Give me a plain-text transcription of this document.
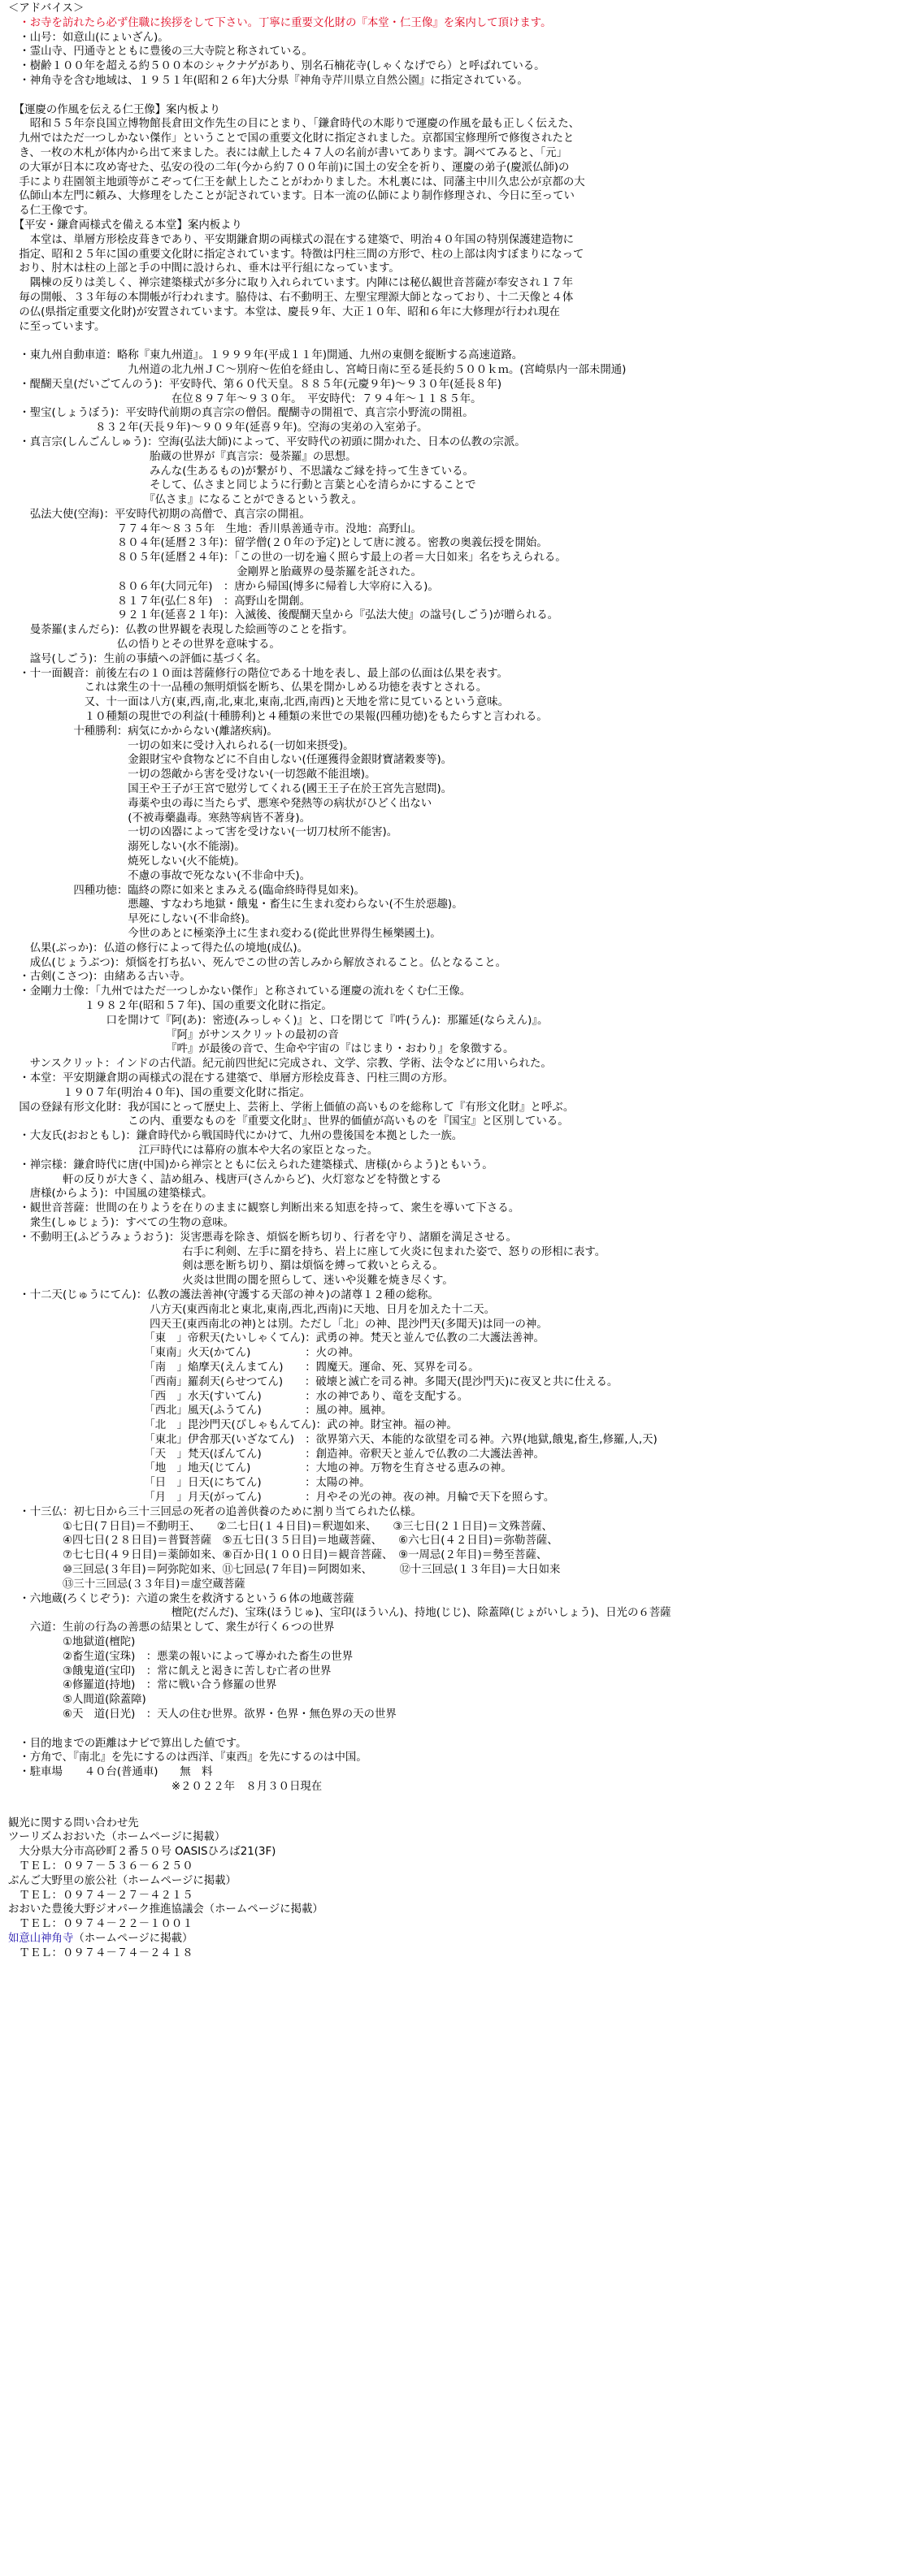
＜アドバイス＞

　・お寺を訪れたら必ず住職に挨拶をして下さい。丁寧に重要文化財の『本堂・仁王像』を案内して頂けます。

　・山号：如意山(にょいざん)。

　・霊山寺、円通寺とともに豊後の三大寺院と称されている。

　・樹齢１００年を超える約５００本のシャクナゲがあり、別名石楠花寺(しゃくなげでら）と呼ばれている。

　・神角寺を含む地域は、１９５１年(昭和２６年)大分県『神角寺芹川県立自然公園』に指定されている。

　【運慶の作風を伝える仁王像】案内板より

　　昭和５５年奈良国立博物館長倉田文作先生の目にとまり、「鎌倉時代の木彫りで運慶の作風を最も正しく伝えた、

　九州ではただ一つしかない傑作」ということで国の重要文化財に指定されました。京都国宝修理所で修復されたと

　き、一枚の木札が体内から出て来ました。表には献上した４７人の名前が書いてあります。調べてみると、「元」

　の大軍が日本に攻め寄せた、弘安の役の二年(今から約７００年前)に国土の安全を祈り、運慶の弟子(慶派仏師)の

　手により荘園領主地頭等がこぞって仁王を献上したことがわかりました。木札裏には、同藩主中川久忠公が京都の大

　仏師山本左門に頼み、大修理をしたことが記されています。日本一流の仏師により制作修理され、今日に至ってい

　る仁王像です。

　【平安・鎌倉両様式を備える本堂】案内板より

　　本堂は、単層方形桧皮葺きであり、平安期鎌倉期の両様式の混在する建築で、明治４０年国の特別保護建造物に

　指定、昭和２５年に国の重要文化財に指定されています。特徴は円柱三間の方形で、柱の上部は肉すぼまりになって

　おり、肘木は柱の上部と手の中間に設けられ、垂木は平行組になっています。

　　隅棟の反りは美しく、禅宗建築様式が多分に取り入れられています。内陣には秘仏観世音菩薩が奉安され１７年

　毎の開帳、３３年毎の本開帳が行われます。脇侍は、右不動明王、左聖宝理源大師となっており、十二天像と４体

　の仏(県指定重要文化財)が安置されています。本堂は、慶長９年、大正１０年、昭和６年に大修理が行われ現在

　に至っています。

　・東九州自動車道：略称『東九州道』。１９９９年(平成１１年)開通、九州の東側を縦断する高速道路。

　　　　　　　　　　　九州道の北九州ＪＣ～別府～佐伯を経由し、宮崎日南に至る延長約５００ｋｍ。(宮崎県内一部未開通)

　・醍醐天皇(だいごてんのう)：平安時代、第６０代天皇。８８５年(元慶９年)～９３０年(延長８年)

　　　　　　　　　　　　　　　在位８９７年～９３０年。　平安時代：７９４年～１１８５年。

　・聖宝(しょうぼう)：平安時代前期の真言宗の僧侶。醍醐寺の開祖で、真言宗小野流の開祖。

　　　　　　　　８３２年(天長９年)～９０９年(延喜９年)。空海の実弟の入室弟子。

　・真言宗(しんごんしゅう)：空海(弘法大師)によって、平安時代の初頭に開かれた、日本の仏教の宗派。

　　　　　　　　　　　　　胎蔵の世界が『真言宗：曼荼羅』の思想。

　　　　　　　　　　　　　みんな(生あるもの)が繋がり、不思議なご縁を持って生きている。

　　　　　　　　　　　　　そして、仏さまと同じように行動と言葉と心を清らかにすることで

　　　　　　　　　　　　　『仏さま』になることができるという教え。

　　弘法大使(空海)：平安時代初期の高僧で、真言宗の開祖。

　　　　　　　　　　７７４年～８３５年　生地：香川県善通寺市。没地：高野山。

　　　　　　　　　　８０４年(延暦２３年)：留学僧(２０年の予定)として唐に渡る。密教の奥義伝授を開始。

　　　　　　　　　　８０５年(延暦２４年)：「この世の一切を遍く照らす最上の者＝大日如来」名をちえられる。

　　　　　　　　　　　　　　　　　　　　　金剛界と胎蔵界の曼荼羅を託された。

　　　　　　　　　　８０６年(大同元年)　：唐から帰国(博多に帰着し大宰府に入る)。

　　　　　　　　　　８１７年(弘仁８年)　：高野山を開創。

　　　　　　　　　　９２１年(延喜２１年)：入滅後、後醍醐天皇から『弘法大使』の諡号(しごう)が贈られる。

　　曼荼羅(まんだら)：仏教の世界観を表現した絵画等のことを指す。

　　　　　　　　　　仏の悟りとその世界を意味する。

　　諡号(しごう)：生前の事績への評価に基づく名。

　・十一面観音：前後左右の１０面は菩薩修行の階位である十地を表し、最上部の仏面は仏果を表す。

　　　　　　　これは衆生の十一品種の無明煩悩を断ち、仏果を開かしめる功徳を表すとされる。

　　　　　　　又、十一面は八方(東,西,南,北,東北,東南,北西,南西)と天地を常に見ているという意味。

　　　　　　　１０種類の現世での利益(十種勝利)と４種類の来世での果報(四種功徳)をもたらすと言われる。

　　　　　　十種勝利：病気にかからない(離諸疾病)。

　　　　　　　　　　　一切の如来に受け入れられる(一切如来摂受)。

　　　　　　　　　　　金銀財宝や食物などに不自由しない(任運獲得金銀財寶諸穀麥等)。

　　　　　　　　　　　一切の怨敵から害を受けない(一切怨敵不能沮壊)。

　　　　　　　　　　　国王や王子が王宮で慰労してくれる(國王王子在於王宮先言慰問)。

　　　　　　　　　　　毒薬や虫の毒に当たらず、悪寒や発熱等の病状がひどく出ない

　　　　　　　　　　　(不被毒藥蟲毒。寒熱等病皆不著身)。

　　　　　　　　　　　一切の凶器によって害を受けない(一切刀杖所不能害)。

　　　　　　　　　　　溺死しない(水不能溺)。

　　　　　　　　　　　焼死しない(火不能焼)。

　　　　　　　　　　　不慮の事故で死なない(不非命中夭)。

　　　　　　四種功徳：臨終の際に如来とまみえる(臨命終時得見如来)。

　　　　　　　　　　　悪趣、すなわち地獄・餓鬼・畜生に生まれ変わらない(不生於惡趣)。

　　　　　　　　　　　早死にしない(不非命終)。

　　　　　　　　　　　今世のあとに極楽浄土に生まれ変わる(從此世界得生極樂國土)。

　　仏果(ぶっか)：仏道の修行によって得た仏の境地(成仏)。

　　成仏(じょうぶつ)：煩悩を打ち払い、死んでこの世の苦しみから解放されること。仏となること。

　・古剣(こさつ)：由緒ある古い寺。

　・金剛力士像：「九州ではただ一つしかない傑作」と称されている運慶の流れをくむ仁王像。

　　　　　　　１９８２年(昭和５７年)、国の重要文化財に指定。

　　　　　　　　　口を開けて『阿(あ)：密迹(みっしゃく)』と、口を閉じて『吽(うん)：那羅延(ならえん)』。

　　　　　　　　　　　　　　　『阿』がサンスクリットの最初の音

　　　　　　　　　　　　　　　『吽』が最後の音で、生命や宇宙の『はじまり・おわり』を象徴する。

　　サンスクリット：インドの古代語。紀元前四世紀に完成され、文学、宗教、学術、法令などに用いられた。

　・本堂：平安期鎌倉期の両様式の混在する建築で、単層方形桧皮葺き、円柱三間の方形。

　　　　　１９０７年(明治４０年)、国の重要文化財に指定。

　国の登録有形文化財：我が国にとって歴史上、芸術上、学術上価値の高いものを総称して『有形文化財』と呼ぶ。

　　　　　　　　　　　この内、重要なものを『重要文化財』、世界的価値が高いものを『国宝』と区別している。

　・大友氏(おおともし)：鎌倉時代から戦国時代にかけて、九州の豊後国を本拠とした一族。

　　　　　　　　　　　　江戸時代には幕府の旗本や大名の家臣となった。

　・禅宗様：鎌倉時代に唐(中国)から禅宗とともに伝えられた建築様式、唐様(からよう)ともいう。

　　　　　軒の反りが大きく、詰め組み、桟唐戸(さんからど)、火灯窓などを特徴とする

　　唐様(からよう)：中国風の建築様式。

　・観世音菩薩：世間の在りようを在りのままに観察し判断出来る知恵を持って、衆生を導いて下さる。

　　衆生(しゅじょう)：すべての生物の意味。

　・不動明王(ふどうみょうおう)：災害悪毒を除き、煩悩を断ち切り、行者を守り、諸願を満足させる。

　　　　　　　　　　　　　　　　右手に利剣、左手に羂を持ち、岩上に座して火炎に包まれた姿で、怒りの形相に表す。

　　　　　　　　　　　　　　　　剣は悪を断ち切り、羂は煩悩を縛って救いとらえる。

　　　　　　　　　　　　　　　　火炎は世間の闇を照らして、迷いや災難を焼き尽くす。

　・十二天(じゅうにてん)：仏教の護法善神(守護する天部の神々)の諸尊１２種の総称。

　　　　　　　　　　　　　八方天(東西南北と東北,東南,西北,西南)に天地、日月を加えた十二天。

　　　　　　　　　　　　　四天王(東西南北の神)とは別。ただし「北」の神、毘沙門天(多聞天)は同一の神。

　　　　　　　　　　　　　「東　」帝釈天(たいしゃくてん)：武勇の神。梵天と並んで仏教の二大護法善神。

　　　　　　　　　　　　　「東南」火天(かてん)　　　　　：火の神。

　　　　　　　　　　　　　「南　」焔摩天(えんまてん)　　：閻魔天。運命、死、冥界を司る。

　　　　　　　　　　　　　「西南」羅刹天(らせつてん)　　：破壊と滅亡を司る神。多聞天(毘沙門天)に夜叉と共に仕える。

　　　　　　　　　　　　　「西　」水天(すいてん)　　　　：水の神であり、竜を支配する。

　　　　　　　　　　　　　「西北」風天(ふうてん)　　　　：風の神。風神。

　　　　　　　　　　　　　「北　」毘沙門天(びしゃもんてん)：武の神。財宝神。福の神。

　　　　　　　　　　　　　「東北」伊舎那天(いざなてん)　：欲界第六天、本能的な欲望を司る神。六界(地獄,餓鬼,畜生,修羅,人,天)

　　　　　　　　　　　　　「天　」梵天(ぼんてん)　　　　：創造神。帝釈天と並んで仏教の二大護法善神。

　　　　　　　　　　　　　「地　」地天(じてん)　　　　　：大地の神。万物を生育させる恵みの神。

　　　　　　　　　　　　　「日　」日天(にちてん)　　　　：太陽の神。

　　　　　　　　　　　　　「月　」月天(がってん)　　　　：月やその光の神。夜の神。月輪で天下を照らす。

　・十三仏：初七日から三十三回忌の死者の追善供養のために割り当てられた仏様。

　　　　　①七日(７日目)＝不動明王、　　②二七日(１４日目)＝釈迦如来、　　③三七日(２１日目)＝文殊菩薩、

　　　　　④四七日(２８日目)＝普賢菩薩　⑤五七日(３５日目)＝地蔵菩薩、　　⑥六七日(４２日目)＝弥勒菩薩、

　　　　　⑦七七日(４９日目)＝薬師如来、⑧百か日(１００日目)＝観音菩薩、　⑨一周忌(２年目)＝勢至菩薩、

　　　　　⑩三回忌(３年目)＝阿弥陀如来、⑪七回忌(７年目)＝阿閦如来、　　　⑫十三回忌(１３年目)＝大日如来

　　　　　⑬三十三回忌(３３年目)＝虚空蔵菩薩

　・六地蔵(ろくじぞう)：六道の衆生を救済するという６体の地蔵菩薩

　　　　　　　　　　　　　　　檀陀(だんだ)、宝珠(ほうじゅ)、宝印(ほういん)、持地(じじ)、除蓋障(じょがいしょう)、日光の６菩薩

　　六道：生前の行為の善悪の結果として、衆生が行く６つの世界

　　　　　①地獄道(檀陀)

　　　　　②畜生道(宝珠)　：悪業の報いによって導かれた畜生の世界

　　　　　③餓鬼道(宝印)　：常に飢えと渇きに苦しむ亡者の世界

　　　　　④修羅道(持地)　：常に戦い合う修羅の世界

　　　　　⑤人間道(除蓋障)

　　　　　⑥天　道(日光)　：天人の住む世界。欲界・色界・無色界の天の世界

　・目的地までの距離はナビで算出した値です。

　・方角で、『南北』を先にするのは西洋、『東西』を先にするのは中国。

　・駐車場　　４０台(普通車)　　無　料

　　　　　　　　　　　　　　　※２０２２年　８月３０日現在

観光に関する問い合わせ先

ツーリズムおおいた（ホームページに掲載）

　大分県大分市高砂町２番５０号 OASISひろば21(3F)

　ＴＥＬ：０９７－５３６－６２５０

ぶんご大野里の旅公社（ホームページに掲載）

　ＴＥＬ：０９７４－２７－４２１５

おおいた豊後大野ジオパーク推進協議会（ホームページに掲載）

　ＴＥＬ：０９７４－２２－１００１

如意山神角寺（ホームページに掲載）

　ＴＥＬ：０９７４－７４－２４１８
